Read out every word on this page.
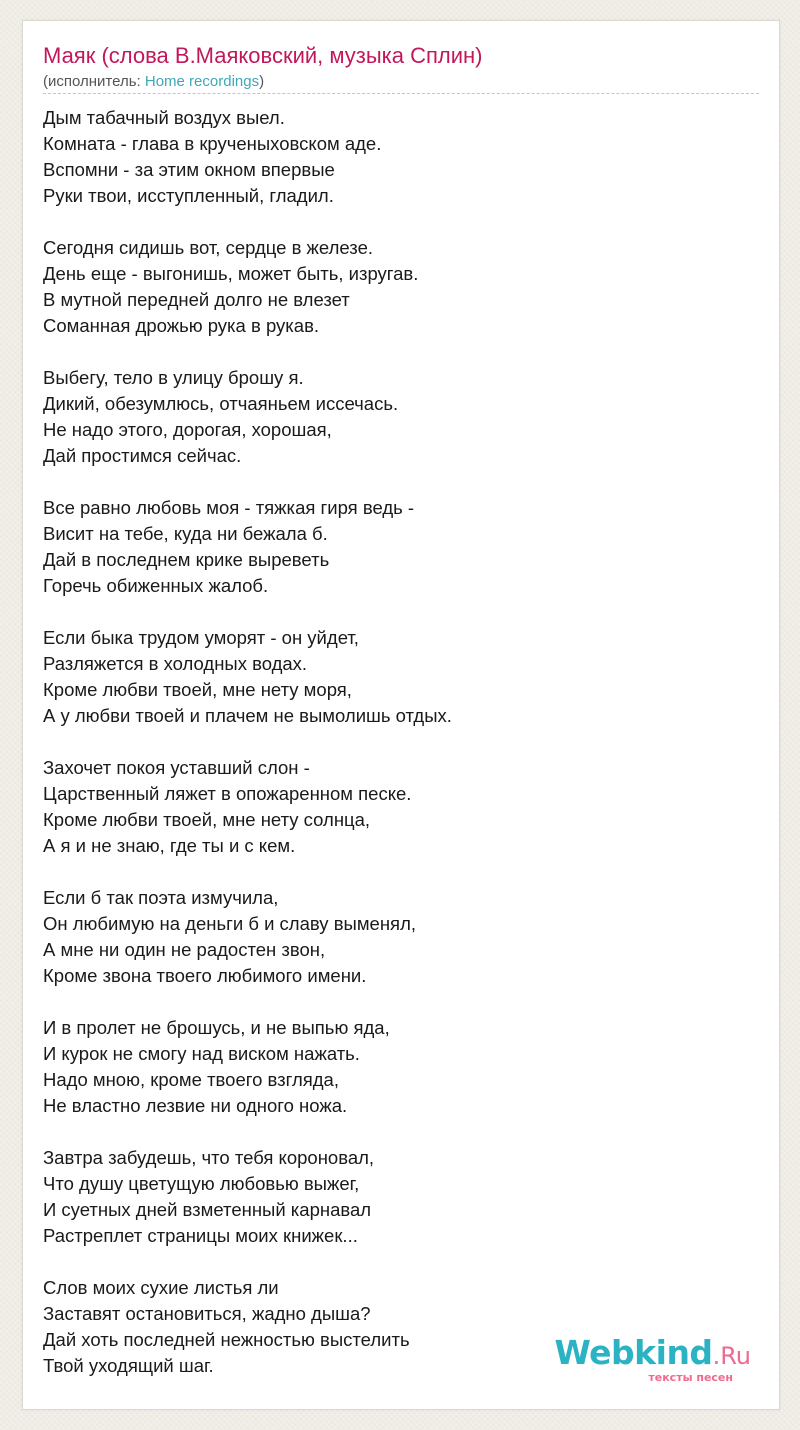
Маяк (слова В.Маяковский, музыка Сплин)
(исполнитель: Home recordings)
Дым табачный воздух выел.
Комната - глава в крученыховском аде.
Вспомни - за этим окном впервые
Руки твои, исступленный, гладил.
Сегодня сидишь вот, сердце в железе.
День еще - выгонишь, может быть, изругав.
В мутной передней долго не влезет
Соманная дрожью рука в рукав.
Выбегу, тело в улицу брошу я.
Дикий, обезумлюсь, отчаяньем иссечась.
Не надо этого, дорогая, хорошая,
Дай простимся сейчас.
Все равно любовь моя - тяжкая гиря ведь -
Висит на тебе, куда ни бежала б.
Дай в последнем крике выреветь
Горечь обиженных жалоб.
Если быка трудом уморят - он уйдет,
Разляжется в холодных водах.
Кроме любви твоей, мне нету моря,
А у любви твоей и плачем не вымолишь отдых.
Захочет покоя уставший слон -
Царственный ляжет в опожаренном песке.
Кроме любви твоей, мне нету солнца,
А я и не знаю, где ты и с кем.
Если б так поэта измучила,
Он любимую на деньги б и славу выменял,
А мне ни один не радостен звон,
Кроме звона твоего любимого имени.
И в пролет не брошусь, и не выпью яда,
И курок не смогу над виском нажать.
Надо мною, кроме твоего взгляда,
Не властно лезвие ни одного ножа.
Завтра забудешь, что тебя короновал,
Что душу цветущую любовью выжег,
И суетных дней взметенный карнавал
Растреплет страницы моих книжек...
Слов моих сухие листья ли
Заставят остановиться, жадно дыша?
Дай хоть последней нежностью выстелить
Твой уходящий шаг.	Webkind.Ru
тексты песен
